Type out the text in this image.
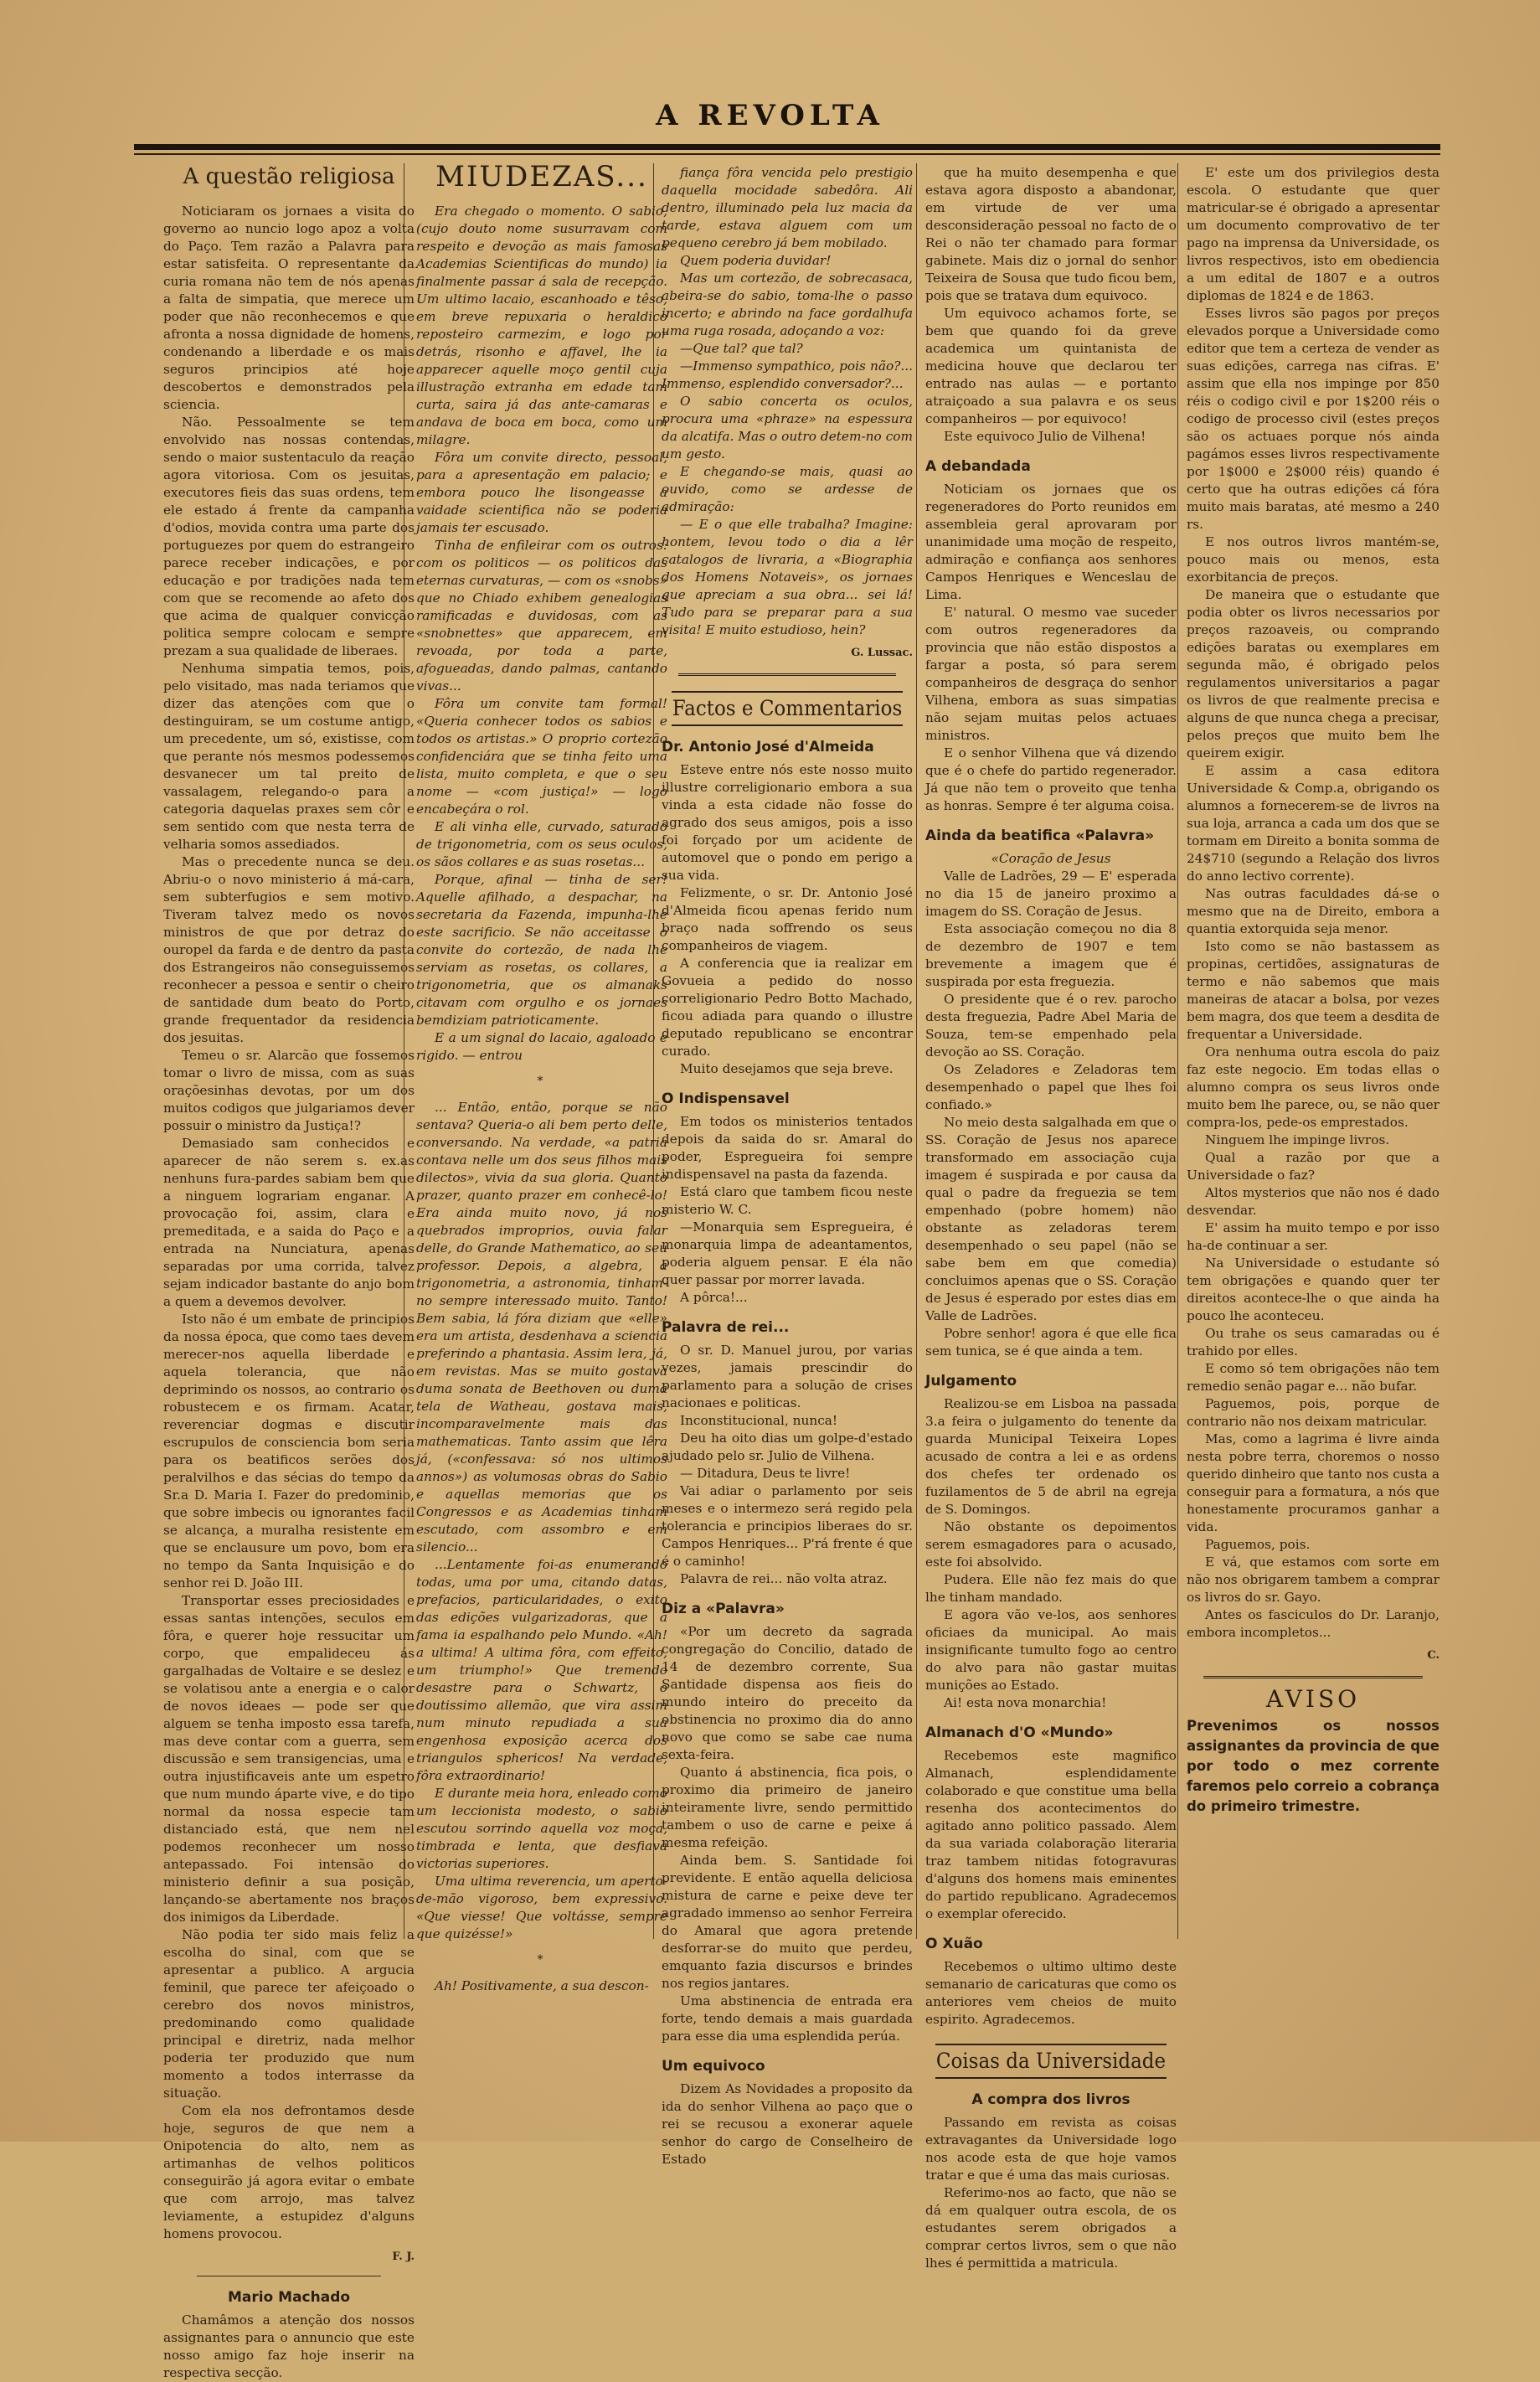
A REVOLTA
A questão religiosa

Noticiaram os jornaes a visita do governo ao nuncio logo apoz a volta do Paço. Tem razão a Palavra para estar satisfeita. O representante da curia romana não tem de nós apenas a falta de simpatia, que merece um poder que não reconhecemos e que afronta a nossa dignidade de homens, condenando a liberdade e os mais seguros principios até hoje descobertos e demonstrados pela sciencia.

Não. Pessoalmente se tem envolvido nas nossas contendas, sendo o maior sustentaculo da reação agora vitoriosa. Com os jesuitas, executores fieis das suas ordens, tem ele estado á frente da campanha d'odios, movida contra uma parte dos portuguezes por quem do estrangeiro parece receber indicações, e por educação e por tradições nada tem com que se recomende ao afeto dos que acima de qualquer convicção politica sempre colocam e sempre prezam a sua qualidade de liberaes.

Nenhuma simpatia temos, pois, pelo visitado, mas nada teriamos que dizer das atenções com que o destinguiram, se um costume antigo, um precedente, um só, existisse, com que perante nós mesmos podessemos desvanecer um tal preito de vassalagem, relegando-o para a categoria daquelas praxes sem côr e sem sentido com que nesta terra de velharia somos assediados.

Mas o precedente nunca se deu. Abriu-o o novo ministerio á má-cara, sem subterfugios e sem motivo. Tiveram talvez medo os novos ministros de que por detraz do ouropel da farda e de dentro da pasta dos Estrangeiros não conseguissemos reconhecer a pessoa e sentir o cheiro de santidade dum beato do Porto, grande frequentador da residencia dos jesuitas.

Temeu o sr. Alarcão que fossemos tomar o livro de missa, com as suas oraçõesinhas devotas, por um dos muitos codigos que julgariamos dever possuir o ministro da Justiça!?

Demasiado sam conhecidos e aparecer de não serem s. ex.as nenhuns fura-pardes sabiam bem que a ninguem lograriam enganar. A provocação foi, assim, clara e premeditada, e a saida do Paço e a entrada na Nunciatura, apenas separadas por uma corrida, talvez sejam indicador bastante do anjo bom a quem a devemos devolver.

Isto não é um embate de principios da nossa época, que como taes devem merecer-nos aquella liberdade e aquela tolerancia, que não deprimindo os nossos, ao contrario os robustecem e os firmam. Acatar, reverenciar dogmas e discutir escrupulos de consciencia bom seria para os beatificos serões dos peralvilhos e das sécias do tempo da Sr.a D. Maria I. Fazer do predominio, que sobre imbecis ou ignorantes facil se alcança, a muralha resistente em que se enclausure um povo, bom era no tempo da Santa Inquisição e do senhor rei D. João III.

Transportar esses preciosidades e essas santas intenções, seculos em fôra, e querer hoje ressucitar um corpo, que empalideceu ás gargalhadas de Voltaire e se deslez e se volatisou ante a energia e o calor de novos ideaes — pode ser que alguem se tenha imposto essa tarefa, mas deve contar com a guerra, sem discussão e sem transigencias, uma e outra injustificaveis ante um espetro que num mundo áparte vive, e do tipo normal da nossa especie tam distanciado está, que nem nel podemos reconhecer um nosso antepassado. Foi intensão do ministerio definir a sua posição, lançando-se abertamente nos braços dos inimigos da Liberdade.

Não podia ter sido mais feliz a escolha do sinal, com que se apresentar a publico. A argucia feminil, que parece ter afeiçoado o cerebro dos novos ministros, predominando como qualidade principal e diretriz, nada melhor poderia ter produzido que num momento a todos interrasse da situação.

Com ela nos defrontamos desde hoje, seguros de que nem a Onipotencia do alto, nem as artimanhas de velhos politicos conseguirão já agora evitar o embate que com arrojo, mas talvez leviamente, a estupidez d'alguns homens provocou.

F. J.

Mario Machado

Chamâmos a atenção dos nossos assignantes para o annuncio que este nosso amigo faz hoje inserir na respectiva secção.

MIUDEZAS...

Era chegado o momento. O sabio, (cujo douto nome susurravam com respeito e devoção as mais famosas Academias Scientificas do mundo) ia finalmente passar á sala de recepção. Um ultimo lacaio, escanhoado e têso, em breve repuxaria o heraldico reposteiro carmezim, e logo por detrás, risonho e affavel, lhe ia apparecer aquelle moço gentil cuja illustração extranha em edade tam curta, saira já das ante-camaras e andava de boca em boca, como um milagre.

Fôra um convite directo, pessoal, para a apresentação em palacio; e embora pouco lhe lisongeasse a vaidade scientifica não se poderia jamais ter escusado.

Tinha de enfileirar com os outros: com os politicos — os politicos das eternas curvaturas, — com os «snobs» que no Chiado exhibem genealogias ramificadas e duvidosas, com as «snobnettes» que apparecem, em revoada, por toda a parte, afogueadas, dando palmas, cantando vivas...

Fôra um convite tam formal! «Queria conhecer todos os sabios e todos os artistas.» O proprio cortezão confidenciára que se tinha feito uma lista, muito completa, e que o seu nome — «com justiça!» — logo encabeçára o rol.

E ali vinha elle, curvado, saturado de trigonometria, com os seus oculos, os sãos collares e as suas rosetas...

Porque, afinal — tinha de ser! Aquelle afilhado, a despachar, na secretaria da Fazenda, impunha-lhe este sacrificio. Se não acceitasse o convite do cortezão, de nada lhe serviam as rosetas, os collares, a trigonometria, que os almanaks citavam com orgulho e os jornaes bemdiziam patrioticamente.

E a um signal do lacaio, agaloado e rigido. — entrou

*

... Então, então, porque se não sentava? Queria-o ali bem perto delle, conversando. Na verdade, «a patria contava nelle um dos seus filhos mais dilectos», vivia da sua gloria. Quanto prazer, quanto prazer em conhecê-lo! Era ainda muito novo, já nos quebrados improprios, ouvia falar delle, do Grande Mathematico, ao seu professor. Depois, a algebra, a trigonometria, a astronomia, tinham-no sempre interessado muito. Tanto! Bem sabia, lá fóra diziam que «elle» era um artista, desdenhava a sciencia preferindo a phantasia. Assim lera, já, em revistas. Mas se muito gostava duma sonata de Beethoven ou duma tela de Watheau, gostava mais, incomparavelmente mais das mathematicas. Tanto assim que lêra já, («confessava: só nos ultimos annos») as volumosas obras do Sabio e aquellas memorias que os Congressos e as Academias tinham escutado, com assombro e em silencio...

...Lentamente foi-as enumerando todas, uma por uma, citando datas, prefacios, particularidades, o exito das edições vulgarizadoras, que a fama ia espalhando pelo Mundo. «Ah! a ultima! A ultima fôra, com effeito, um triumpho!» Que tremendo desastre para o Schwartz, o doutissimo allemão, que vira assim num minuto repudiada a sua engenhosa exposição acerca dos triangulos sphericos! Na verdade, fôra extraordinario!

E durante meia hora, enleado como um leccionista modesto, o sabio escutou sorrindo aquella voz moça, timbrada e lenta, que desfiava victorias superiores.

Uma ultima reverencia, um aperto-de-mão vigoroso, bem expressivo. «Que viesse! Que voltásse, sempre que quizésse!»

*

Ah! Positivamente, a sua descon-

fiança fôra vencida pelo prestigio daquella mocidade sabedôra. Ali dentro, illuminado pela luz macia da tarde, estava alguem com um pequeno cerebro já bem mobilado.

Quem poderia duvidar!

Mas um cortezão, de sobrecasaca, abeira-se do sabio, toma-lhe o passo incerto; e abrindo na face gordalhufa uma ruga rosada, adoçando a voz:

—Que tal? que tal?

—Immenso sympathico, pois não?... Immenso, esplendido conversador?...

O sabio concerta os oculos, procura uma «phraze» na espessura da alcatifa. Mas o outro detem-no com um gesto.

E chegando-se mais, quasi ao ouvido, como se ardesse de admiração:

— E o que elle trabalha? Imagine: hontem, levou todo o dia a lêr catalogos de livraria, a «Biographia dos Homens Notaveis», os jornaes que apreciam a sua obra... sei lá! Tudo para se preparar para a sua visita! E muito estudioso, hein?

G. Lussac.

Factos e Commentarios
Dr. Antonio José d'Almeida

Esteve entre nós este nosso muito illustre correligionario embora a sua vinda a esta cidade não fosse do agrado dos seus amigos, pois a isso foi forçado por um acidente de automovel que o pondo em perigo a sua vida.

Felizmente, o sr. Dr. Antonio José d'Almeida ficou apenas ferido num braço nada soffrendo os seus companheiros de viagem.

A conferencia que ia realizar em Govueia a pedido do nosso correligionario Pedro Botto Machado, ficou adiada para quando o illustre deputado republicano se encontrar curado.

Muito desejamos que seja breve.

O Indispensavel

Em todos os ministerios tentados depois da saida do sr. Amaral do poder, Espregueira foi sempre indispensavel na pasta da fazenda.

Está claro que tambem ficou neste misterio W. C.

—Monarquia sem Espregueira, é monarquia limpa de adeantamentos, poderia alguem pensar. E éla não quer passar por morrer lavada.

A pôrca!...

Palavra de rei...

O sr. D. Manuel jurou, por varias vezes, jamais prescindir do parlamento para a solução de crises nacionaes e politicas.

Inconstitucional, nunca!

Deu ha oito dias um golpe-d'estado ajudado pelo sr. Julio de Vilhena.

— Ditadura, Deus te livre!

Vai adiar o parlamento por seis meses e o intermezo será regido pela tolerancia e principios liberaes do sr. Campos Henriques... P'rá frente é que é o caminho!

Palavra de rei... não volta atraz.

Diz a «Palavra»

«Por um decreto da sagrada congregação do Concilio, datado de 14 de dezembro corrente, Sua Santidade dispensa aos fieis do mundo inteiro do preceito da obstinencia no proximo dia do anno novo que como se sabe cae numa sexta-feira.

Quanto á abstinencia, fica pois, o proximo dia primeiro de janeiro inteiramente livre, sendo permittido tambem o uso de carne e peixe á mesma refeição.

Ainda bem. S. Santidade foi previdente. E então aquella deliciosa mistura de carne e peixe deve ter agradado immenso ao senhor Ferreira do Amaral que agora pretende desforrar-se do muito que perdeu, emquanto fazia discursos e brindes nos regios jantares.

Uma abstinencia de entrada era forte, tendo demais a mais guardada para esse dia uma esplendida perúa.

Um equivoco

Dizem As Novidades a proposito da ida do senhor Vilhena ao paço que o rei se recusou a exonerar aquele senhor do cargo de Conselheiro de Estado

que ha muito desempenha e que estava agora disposto a abandonar, em virtude de ver uma desconsideração pessoal no facto de o Rei o não ter chamado para formar gabinete. Mais diz o jornal do senhor Teixeira de Sousa que tudo ficou bem, pois que se tratava dum equivoco.

Um equivoco achamos forte, se bem que quando foi da greve academica um quintanista de medicina houve que declarou ter entrado nas aulas — e portanto atraiçoado a sua palavra e os seus companheiros — por equivoco!

Este equivoco Julio de Vilhena!

A debandada

Noticiam os jornaes que os regeneradores do Porto reunidos em assembleia geral aprovaram por unanimidade uma moção de respeito, admiração e confiança aos senhores Campos Henriques e Wenceslau de Lima.

E' natural. O mesmo vae suceder com outros regeneradores da provincia que não estão dispostos a fargar a posta, só para serem companheiros de desgraça do senhor Vilhena, embora as suas simpatias não sejam muitas pelos actuaes ministros.

E o senhor Vilhena que vá dizendo que é o chefe do partido regenerador. Já que não tem o proveito que tenha as honras. Sempre é ter alguma coisa.

Ainda da beatifica «Palavra»

«Coração de Jesus

Valle de Ladrões, 29 — E' esperada no dia 15 de janeiro proximo a imagem do SS. Coração de Jesus.

Esta associação começou no dia 8 de dezembro de 1907 e tem brevemente a imagem que é suspirada por esta freguezia.

O presidente que é o rev. parocho desta freguezia, Padre Abel Maria de Souza, tem-se empenhado pela devoção ao SS. Coração.

Os Zeladores e Zeladoras tem desempenhado o papel que lhes foi confiado.»

No meio desta salgalhada em que o SS. Coração de Jesus nos aparece transformado em associação cuja imagem é suspirada e por causa da qual o padre da freguezia se tem empenhado (pobre homem) não obstante as zeladoras terem desempenhado o seu papel (não se sabe bem em que comedia) concluimos apenas que o SS. Coração de Jesus é esperado por estes dias em Valle de Ladrões.

Pobre senhor! agora é que elle fica sem tunica, se é que ainda a tem.

Julgamento

Realizou-se em Lisboa na passada 3.a feira o julgamento do tenente da guarda Municipal Teixeira Lopes acusado de contra a lei e as ordens dos chefes ter ordenado os fuzilamentos de 5 de abril na egreja de S. Domingos.

Não obstante os depoimentos serem esmagadores para o acusado, este foi absolvido.

Pudera. Elle não fez mais do que lhe tinham mandado.

E agora vão ve-los, aos senhores oficiaes da municipal. Ao mais insignificante tumulto fogo ao centro do alvo para não gastar muitas munições ao Estado.

Ai! esta nova monarchia!

Almanach d'O «Mundo»

Recebemos este magnifico Almanach, esplendidamente colaborado e que constitue uma bella resenha dos acontecimentos do agitado anno politico passado. Alem da sua variada colaboração literaria traz tambem nitidas fotogravuras d'alguns dos homens mais eminentes do partido republicano. Agradecemos o exemplar oferecido.

O Xuão

Recebemos o ultimo ultimo deste semanario de caricaturas que como os anteriores vem cheios de muito espirito. Agradecemos.

Coisas da Universidade
A compra dos livros

Passando em revista as coisas extravagantes da Universidade logo nos acode esta de que hoje vamos tratar e que é uma das mais curiosas.

Referimo-nos ao facto, que não se dá em qualquer outra escola, de os estudantes serem obrigados a comprar certos livros, sem o que não lhes é permittida a matricula.

E' este um dos privilegios desta escola. O estudante que quer matricular-se é obrigado a apresentar um documento comprovativo de ter pago na imprensa da Universidade, os livros respectivos, isto em obediencia a um edital de 1807 e a outros diplomas de 1824 e de 1863.

Esses livros são pagos por preços elevados porque a Universidade como editor que tem a certeza de vender as suas edições, carrega nas cifras. E' assim que ella nos impinge por 850 réis o codigo civil e por 1$200 réis o codigo de processo civil (estes preços são os actuaes porque nós ainda pagámos esses livros respectivamente por 1$000 e 2$000 réis) quando é certo que ha outras edições cá fóra muito mais baratas, até mesmo a 240 rs.

E nos outros livros mantém-se, pouco mais ou menos, esta exorbitancia de preços.

De maneira que o estudante que podia obter os livros necessarios por preços razoaveis, ou comprando edições baratas ou exemplares em segunda mão, é obrigado pelos regulamentos universitarios a pagar os livros de que realmente precisa e alguns de que nunca chega a precisar, pelos preços que muito bem lhe queirem exigir.

E assim a casa editora Universidade & Comp.a, obrigando os alumnos a fornecerem-se de livros na sua loja, arranca a cada um dos que se tormam em Direito a bonita somma de 24$710 (segundo a Relação dos livros do anno lectivo corrente).

Nas outras faculdades dá-se o mesmo que na de Direito, embora a quantia extorquida seja menor.

Isto como se não bastassem as propinas, certidões, assignaturas de termo e não sabemos que mais maneiras de atacar a bolsa, por vezes bem magra, dos que teem a desdita de frequentar a Universidade.

Ora nenhuma outra escola do paiz faz este negocio. Em todas ellas o alumno compra os seus livros onde muito bem lhe parece, ou, se não quer compra-los, pede-os emprestados.

Ninguem lhe impinge livros.

Qual a razão por que a Universidade o faz?

Altos mysterios que não nos é dado desvendar.

E' assim ha muito tempo e por isso ha-de continuar a ser.

Na Universidade o estudante só tem obrigações e quando quer ter direitos acontece-lhe o que ainda ha pouco lhe aconteceu.

Ou trahe os seus camaradas ou é trahido por elles.

E como só tem obrigações não tem remedio senão pagar e... não bufar.

Paguemos, pois, porque de contrario não nos deixam matricular.

Mas, como a lagrima é livre ainda nesta pobre terra, choremos o nosso querido dinheiro que tanto nos custa a conseguir para a formatura, a nós que honestamente procuramos ganhar a vida.

Paguemos, pois.

E vá, que estamos com sorte em não nos obrigarem tambem a comprar os livros do sr. Gayo.

Antes os fasciculos do Dr. Laranjo, embora incompletos...

C.

AVISO
Prevenimos os nossos assignantes da provincia de que por todo o mez corrente faremos pelo correio a cobrança do primeiro trimestre.
